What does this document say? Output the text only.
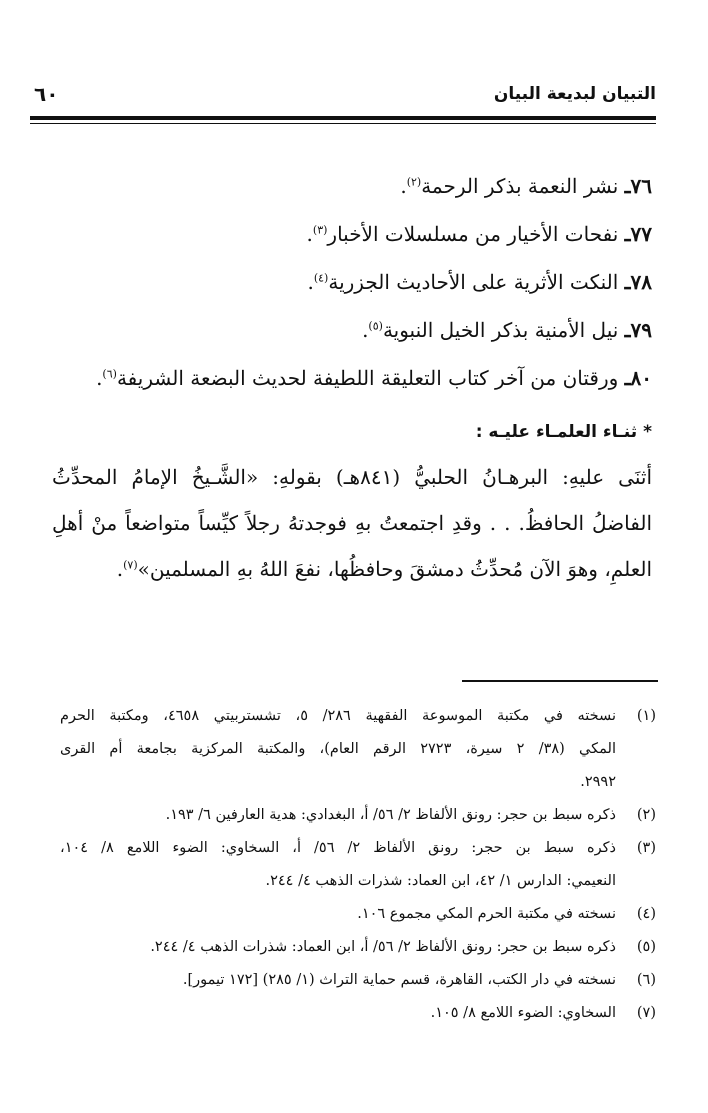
التبيان لبديعة البيان
٦٠
٧٦ـ نشر النعمة بذكر الرحمة$^{(٢)}$.
٧٧ـ نفحات الأخيار من مسلسلات الأخبار$^{(٣)}$.
٧٨ـ النكت الأثرية على الأحاديث الجزرية$^{(٤)}$.
٧٩ـ نيل الأمنية بذكر الخيل النبوية$^{(٥)}$.
٨٠ـ ورقتان من آخر كتاب التعليقة اللطيفة لحديث البضعة الشريفة$^{(٦)}$.
*ثنـاء العلمـاء عليـه :
أثنَى عليهِ: البرهـانُ الحلبيُّ (٨٤١هـ) بقولهِ: «الشَّـيخُ الإمامُ المحدِّثُ
الفاضلُ الحافظُ. . . وقدِ اجتمعتُ بهِ فوجدتهُ رجلاً كيِّساً متواضعاً منْ أهلِ
العلمِ، وهوَ الآن مُحدِّثُ دمشقَ وحافظُها، نفعَ اللهُ بهِ المسلمين»$^{(٧)}$.
(١)
نسخته في مكتبة الموسوعة الفقهية ٢٨٦/ ٥، تشستربيتي ٤٦٥٨، ومكتبة الحرم
المكي (٣٨/ ٢ سيرة، ٢٧٢٣ الرقم العام)، والمكتبة المركزية بجامعة أم القرى
٢٩٩٢.
(٢)
ذكره سبط بن حجر: رونق الألفاظ ٢/ ٥٦/ أ، البغدادي: هدية العارفين ٦/ ١٩٣.
(٣)
ذكره سبط بن حجر: رونق الألفاظ ٢/ ٥٦/ أ، السخاوي: الضوء اللامع ٨/ ١٠٤،
النعيمي: الدارس ١/ ٤٢، ابن العماد: شذرات الذهب ٤/ ٢٤٤.
(٤)
نسخته في مكتبة الحرم المكي مجموع ١٠٦.
(٥)
ذكره سبط بن حجر: رونق الألفاظ ٢/ ٥٦/ أ، ابن العماد: شذرات الذهب ٤/ ٢٤٤.
(٦)
نسخته في دار الكتب، القاهرة، قسم حماية التراث (١/ ٢٨٥) [١٧٢ تيمور].
(٧)
السخاوي: الضوء اللامع ٨/ ١٠٥.
